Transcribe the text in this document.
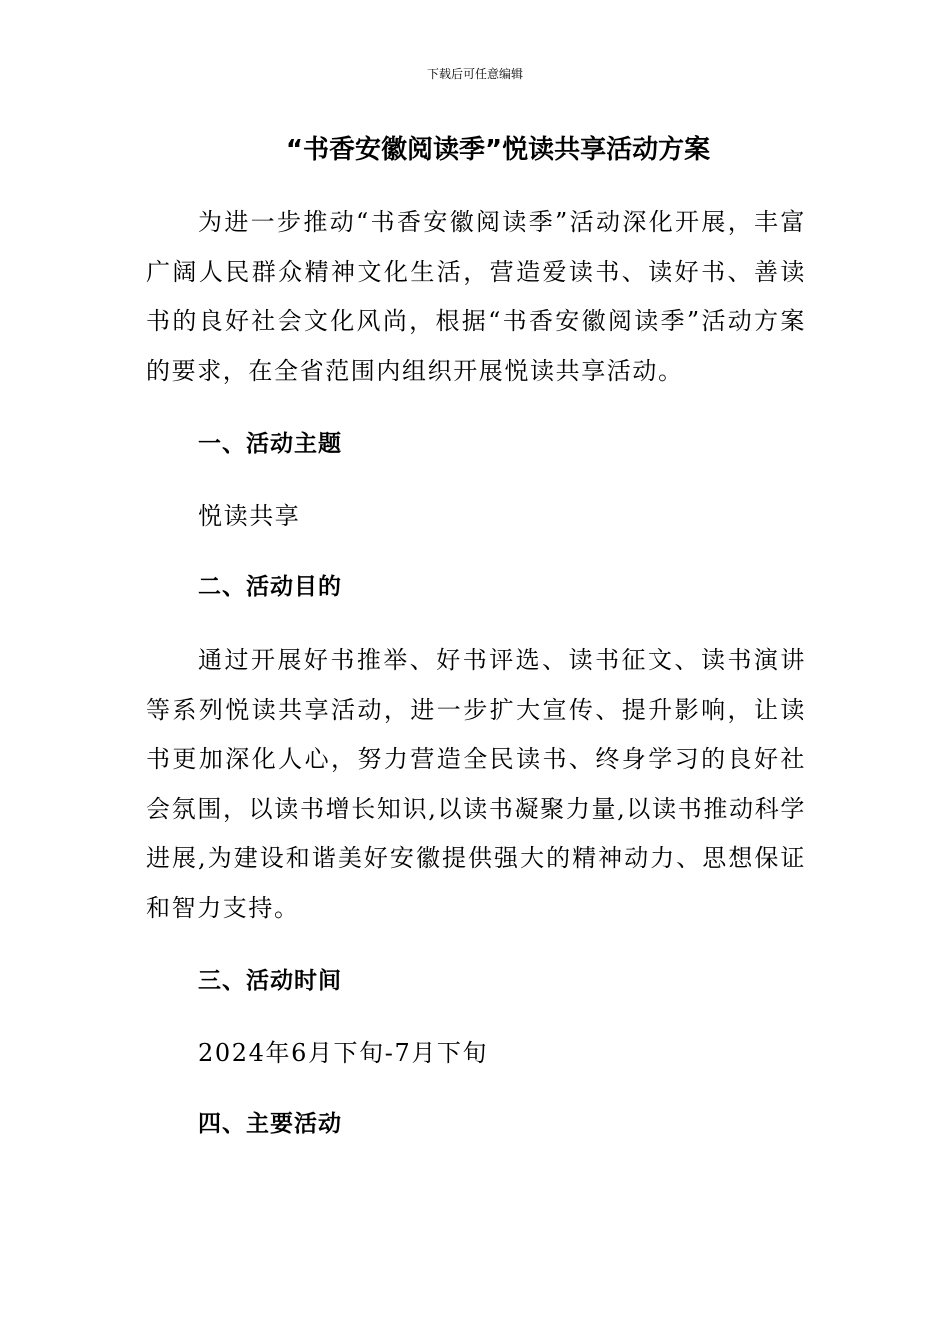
下载后可任意编辑
“书香安徽阅读季”悦读共享活动方案

为进一步推动“书香安徽阅读季”活动深化开展，丰富广阔人民群众精神文化生活，营造爱读书、读好书、善读书的良好社会文化风尚，根据“书香安徽阅读季”活动方案的要求，在全省范围内组织开展悦读共享活动。

一、活动主题

悦读共享

二、活动目的

通过开展好书推举、好书评选、读书征文、读书演讲等系列悦读共享活动，进一步扩大宣传、提升影响，让读书更加深化人心，努力营造全民读书、终身学习的良好社会氛围，以读书增长知识,以读书凝聚力量,以读书推动科学进展,为建设和谐美好安徽提供强大的精神动力、思想保证和智力支持。

三、活动时间

2024年6月下旬-7月下旬

四、主要活动
